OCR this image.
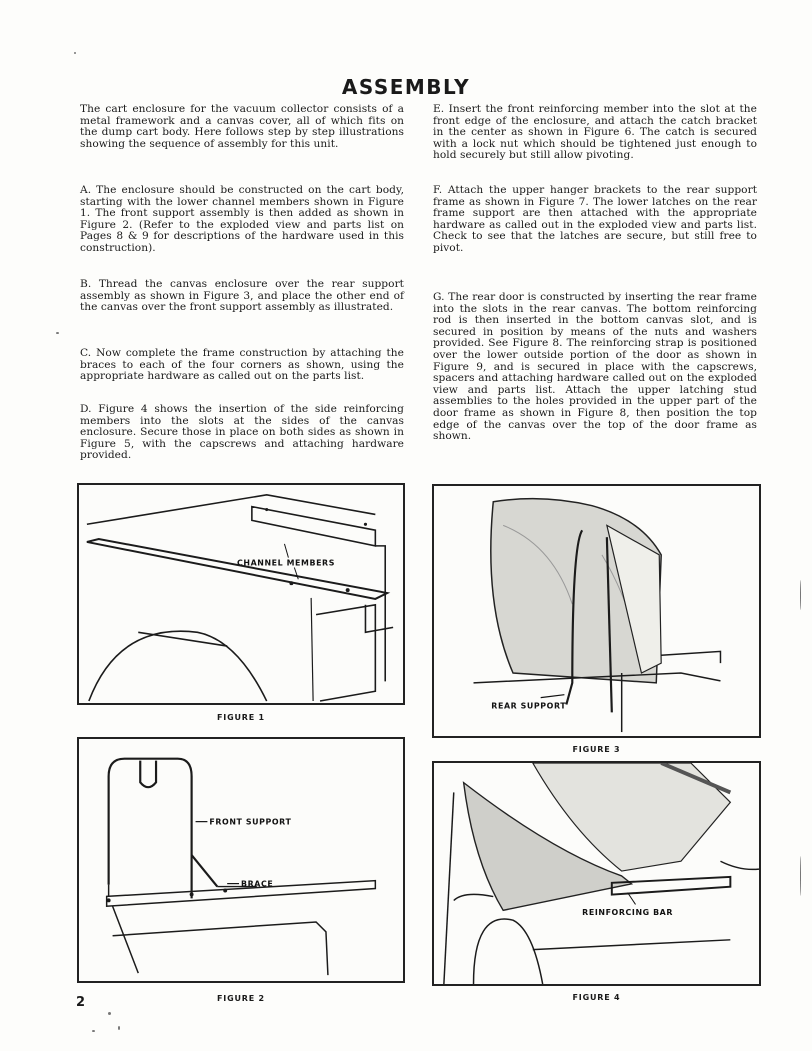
ASSEMBLY

The cart enclosure for the vacuum collector consists of a metal framework and a canvas cover, all of which fits on the dump cart body. Here follows step by step illustrations showing the sequence of assembly for this unit.

A. The enclosure should be constructed on the cart body, starting with the lower channel members shown in Figure 1. The front support assembly is then added as shown in Figure 2. (Refer to the exploded view and parts list on Pages 8 & 9 for descriptions of the hardware used in this construction).

B. Thread the canvas enclosure over the rear support assembly as shown in Figure 3, and place the other end of the canvas over the front support assembly as illustrated.

C. Now complete the frame construction by attaching the braces to each of the four corners as shown, using the appropriate hardware as called out on the parts list.

D. Figure 4 shows the insertion of the side reinforcing members into the slots at the sides of the canvas enclosure. Secure those in place on both sides as shown in Figure 5, with the capscrews and attaching hardware provided.

E. Insert the front reinforcing member into the slot at the front edge of the enclosure, and attach the catch bracket in the center as shown in Figure 6. The catch is secured with a lock nut which should be tightened just enough to hold securely but still allow pivoting.

F. Attach the upper hanger brackets to the rear support frame as shown in Figure 7. The lower latches on the rear frame support are then attached with the appropriate hardware as called out in the exploded view and parts list. Check to see that the latches are secure, but still free to pivot.

G. The rear door is constructed by inserting the rear frame into the slots in the rear canvas. The bottom reinforcing rod is then inserted in the bottom canvas slot, and is secured in position by means of the nuts and washers provided. See Figure 8. The reinforcing strap is positioned over the lower outside portion of the door as shown in Figure 9, and is secured in place with the capscrews, spacers and attaching hardware called out on the exploded view and parts list. Attach the upper latching stud assemblies to the holes provided in the upper part of the door frame as shown in Figure 8, then position the top edge of the canvas over the top of the door frame as shown.

CHANNEL MEMBERS
FIGURE 1
FRONT SUPPORT
BRACE
FIGURE 2
REAR SUPPORT
FIGURE 3
REINFORCING BAR
FIGURE 4
2
